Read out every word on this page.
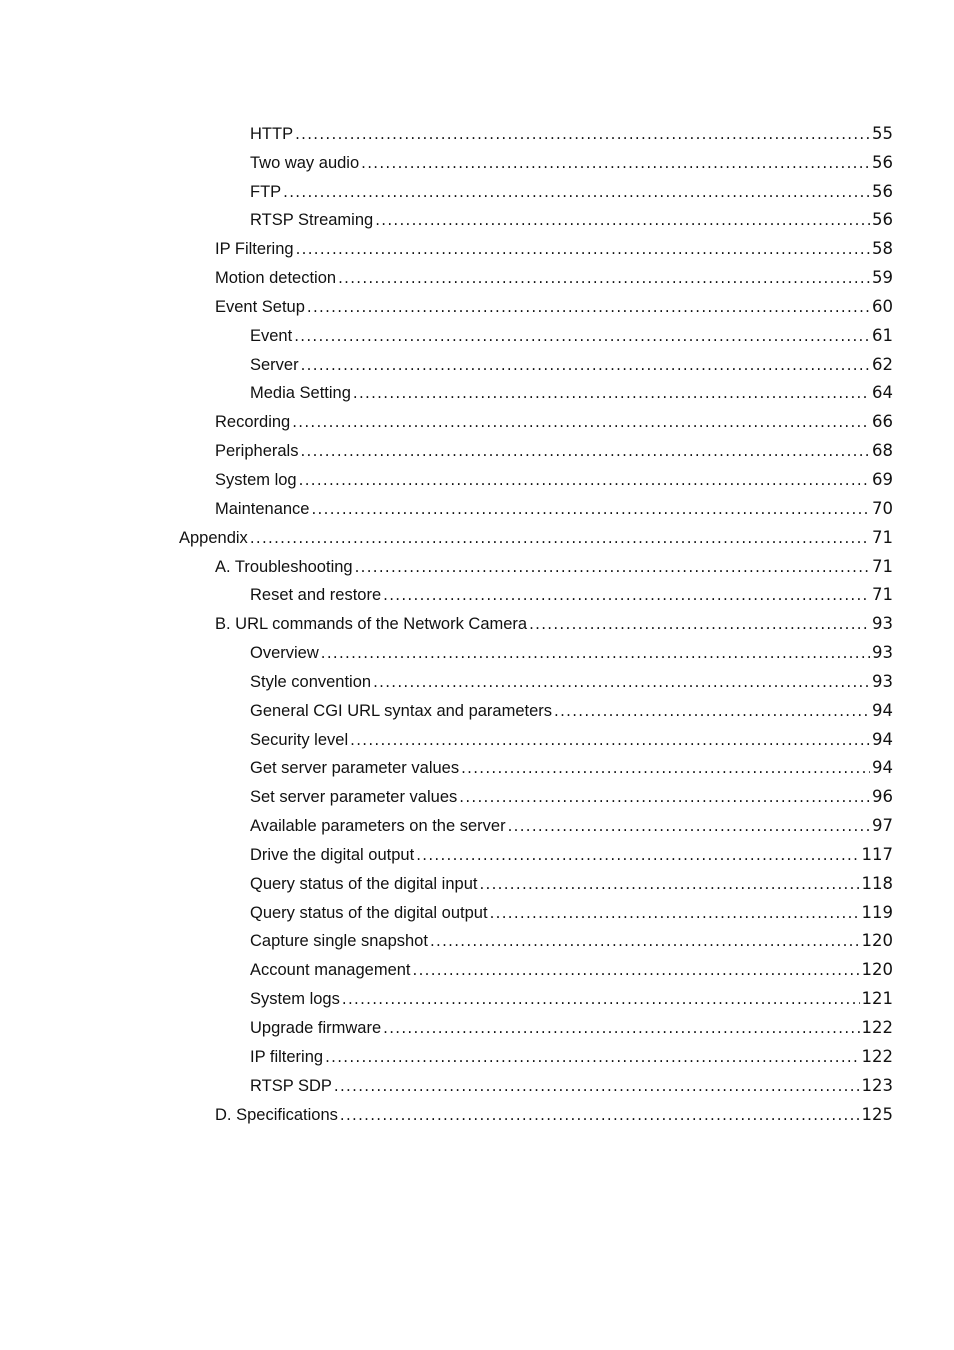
HTTP .....	55
Two way audio .....	56
FTP .....	56
RTSP Streaming .....	56
IP Filtering .....	58
Motion detection .....	59
Event Setup .....	60
Event .....	61
Server .....	62
Media Setting .....	64
Recording .....	66
Peripherals .....	68
System log .....	69
Maintenance .....	70
Appendix .....	71
A. Troubleshooting .....	71
Reset and restore .....	71
B. URL commands of the Network Camera .....	93
Overview .....	93
Style convention .....	93
General CGI URL syntax and parameters .....	94
Security level .....	94
Get server parameter values .....	94
Set server parameter values .....	96
Available parameters on the server .....	97
Drive the digital output .....	117
Query status of the digital input .....	118
Query status of the digital output .....	119
Capture single snapshot .....	120
Account management .....	120
System logs .....	121
Upgrade firmware .....	122
IP filtering .....	122
RTSP SDP .....	123
D. Specifications .....	125
